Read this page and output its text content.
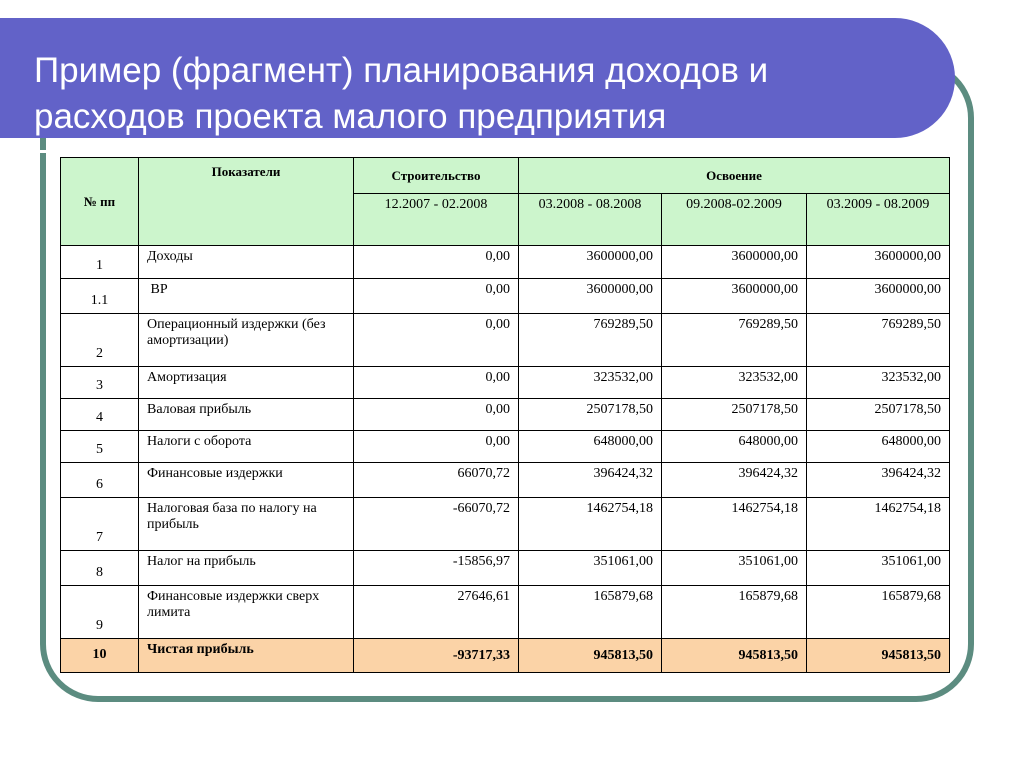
Пример (фрагмент) планирования доходов и расходов проекта малого предприятия
№ пп	Показатели	Строительство	Освоение		
		12.2007 - 02.2008	03.2008 - 08.2008	09.2008-02.2009	03.2009 - 08.2009
1	Доходы	0,00	3600000,00	3600000,00	3600000,00
1.1	ВР	0,00	3600000,00	3600000,00	3600000,00
2	Операционный издержки (без амортизации)	0,00	769289,50	769289,50	769289,50
3	Амортизация	0,00	323532,00	323532,00	323532,00
4	Валовая прибыль	0,00	2507178,50	2507178,50	2507178,50
5	Налоги с оборота	0,00	648000,00	648000,00	648000,00
6	Финансовые издержки	66070,72	396424,32	396424,32	396424,32
7	Налоговая база по налогу на прибыль	-66070,72	1462754,18	1462754,18	1462754,18
8	Налог на прибыль	-15856,97	351061,00	351061,00	351061,00
9	Финансовые издержки сверх лимита	27646,61	165879,68	165879,68	165879,68
10	Чистая прибыль	-93717,33	945813,50	945813,50	945813,50
